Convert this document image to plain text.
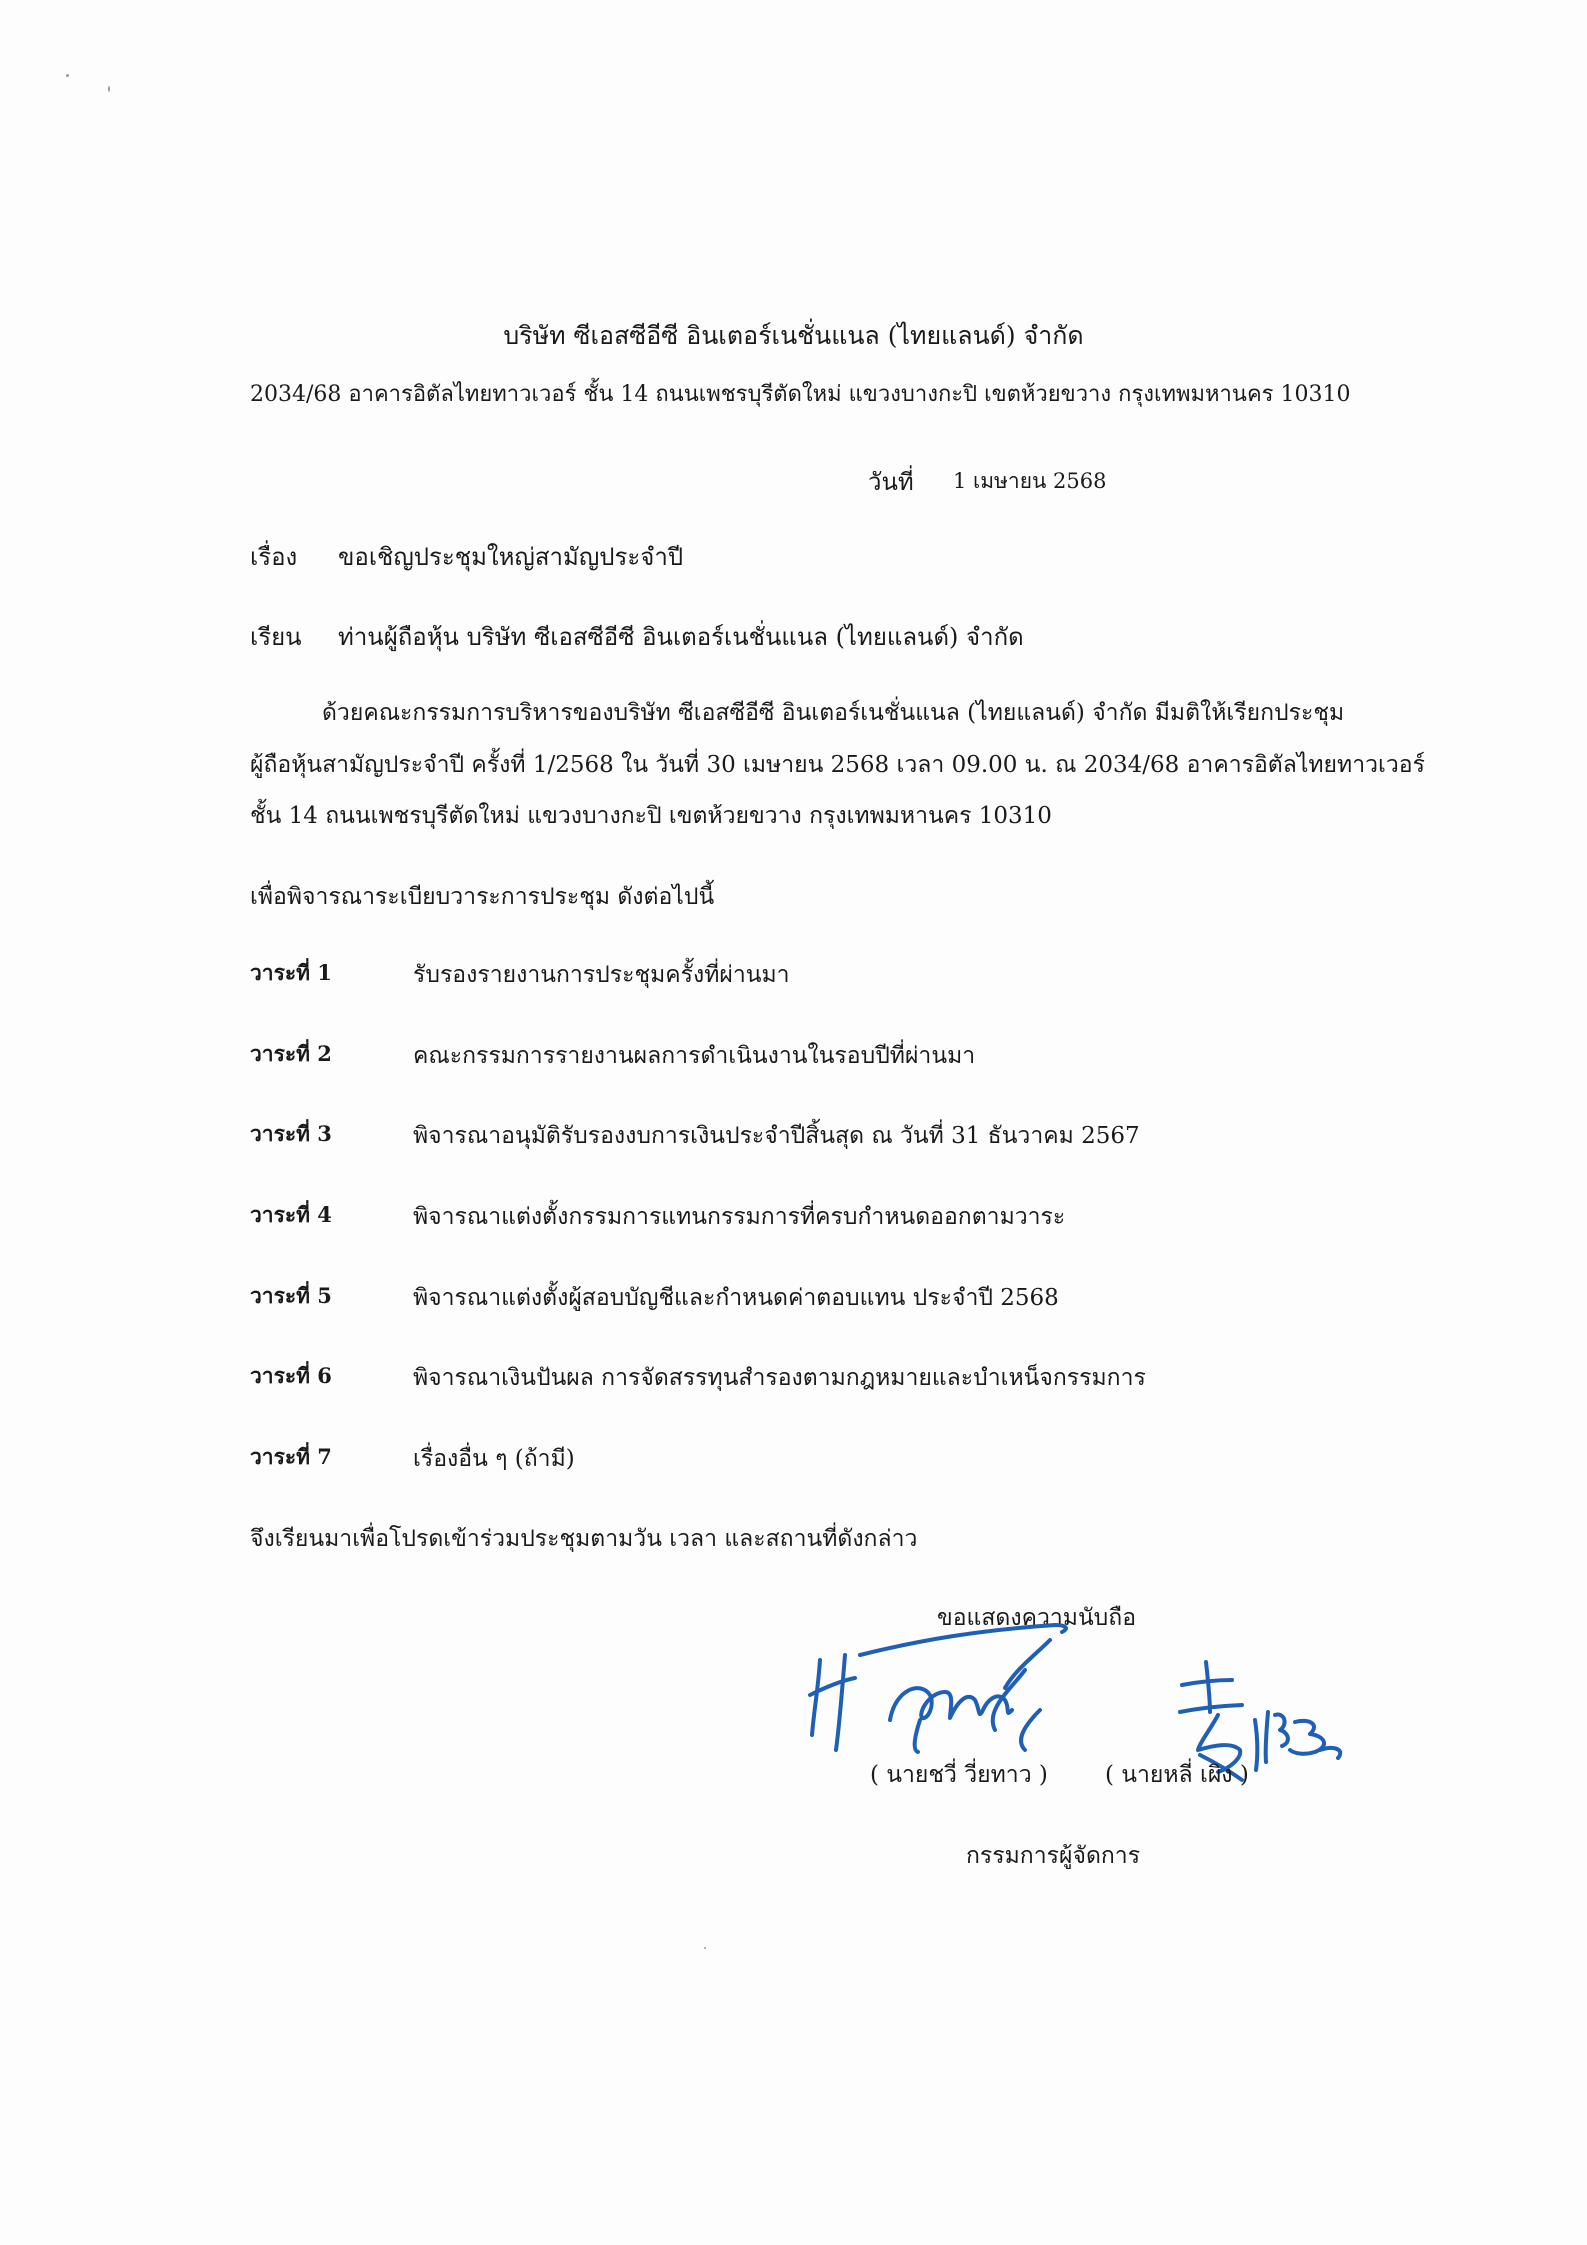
บริษัท ซีเอสซีอีซี อินเตอร์เนชั่นแนล (ไทยแลนด์) จำกัด
2034/68 อาคารอิตัลไทยทาวเวอร์ ชั้น 14 ถนนเพชรบุรีตัดใหม่ แขวงบางกะปิ เขตห้วยขวาง กรุงเทพมหานคร 10310
วันที่ 1 เมษายน 2568
เรื่อง ขอเชิญประชุมใหญ่สามัญประจำปี
เรียน ท่านผู้ถือหุ้น บริษัท ซีเอสซีอีซี อินเตอร์เนชั่นแนล (ไทยแลนด์) จำกัด
ด้วยคณะกรรมการบริหารของบริษัท ซีเอสซีอีซี อินเตอร์เนชั่นแนล (ไทยแลนด์) จำกัด มีมติให้เรียกประชุม
ผู้ถือหุ้นสามัญประจำปี ครั้งที่ 1/2568 ใน วันที่ 30 เมษายน 2568 เวลา 09.00 น. ณ 2034/68 อาคารอิตัลไทยทาวเวอร์
ชั้น 14 ถนนเพชรบุรีตัดใหม่ แขวงบางกะปิ เขตห้วยขวาง กรุงเทพมหานคร 10310
เพื่อพิจารณาระเบียบวาระการประชุม ดังต่อไปนี้
วาระที่ 1	รับรองรายงานการประชุมครั้งที่ผ่านมา
วาระที่ 2	คณะกรรมการรายงานผลการดำเนินงานในรอบปีที่ผ่านมา
วาระที่ 3	พิจารณาอนุมัติรับรองงบการเงินประจำปีสิ้นสุด ณ วันที่ 31 ธันวาคม 2567
วาระที่ 4	พิจารณาแต่งตั้งกรรมการแทนกรรมการที่ครบกำหนดออกตามวาระ
วาระที่ 5	พิจารณาแต่งตั้งผู้สอบบัญชีและกำหนดค่าตอบแทน ประจำปี 2568
วาระที่ 6	พิจารณาเงินปันผล การจัดสรรทุนสำรองตามกฎหมายและบำเหน็จกรรมการ
วาระที่ 7	เรื่องอื่น ๆ (ถ้ามี)
จึงเรียนมาเพื่อโปรดเข้าร่วมประชุมตามวัน เวลา และสถานที่ดังกล่าว
ขอแสดงความนับถือ
( นายชวี่ วี่ยทาว ) ( นายหลี่ เผิง )
กรรมการผู้จัดการ
